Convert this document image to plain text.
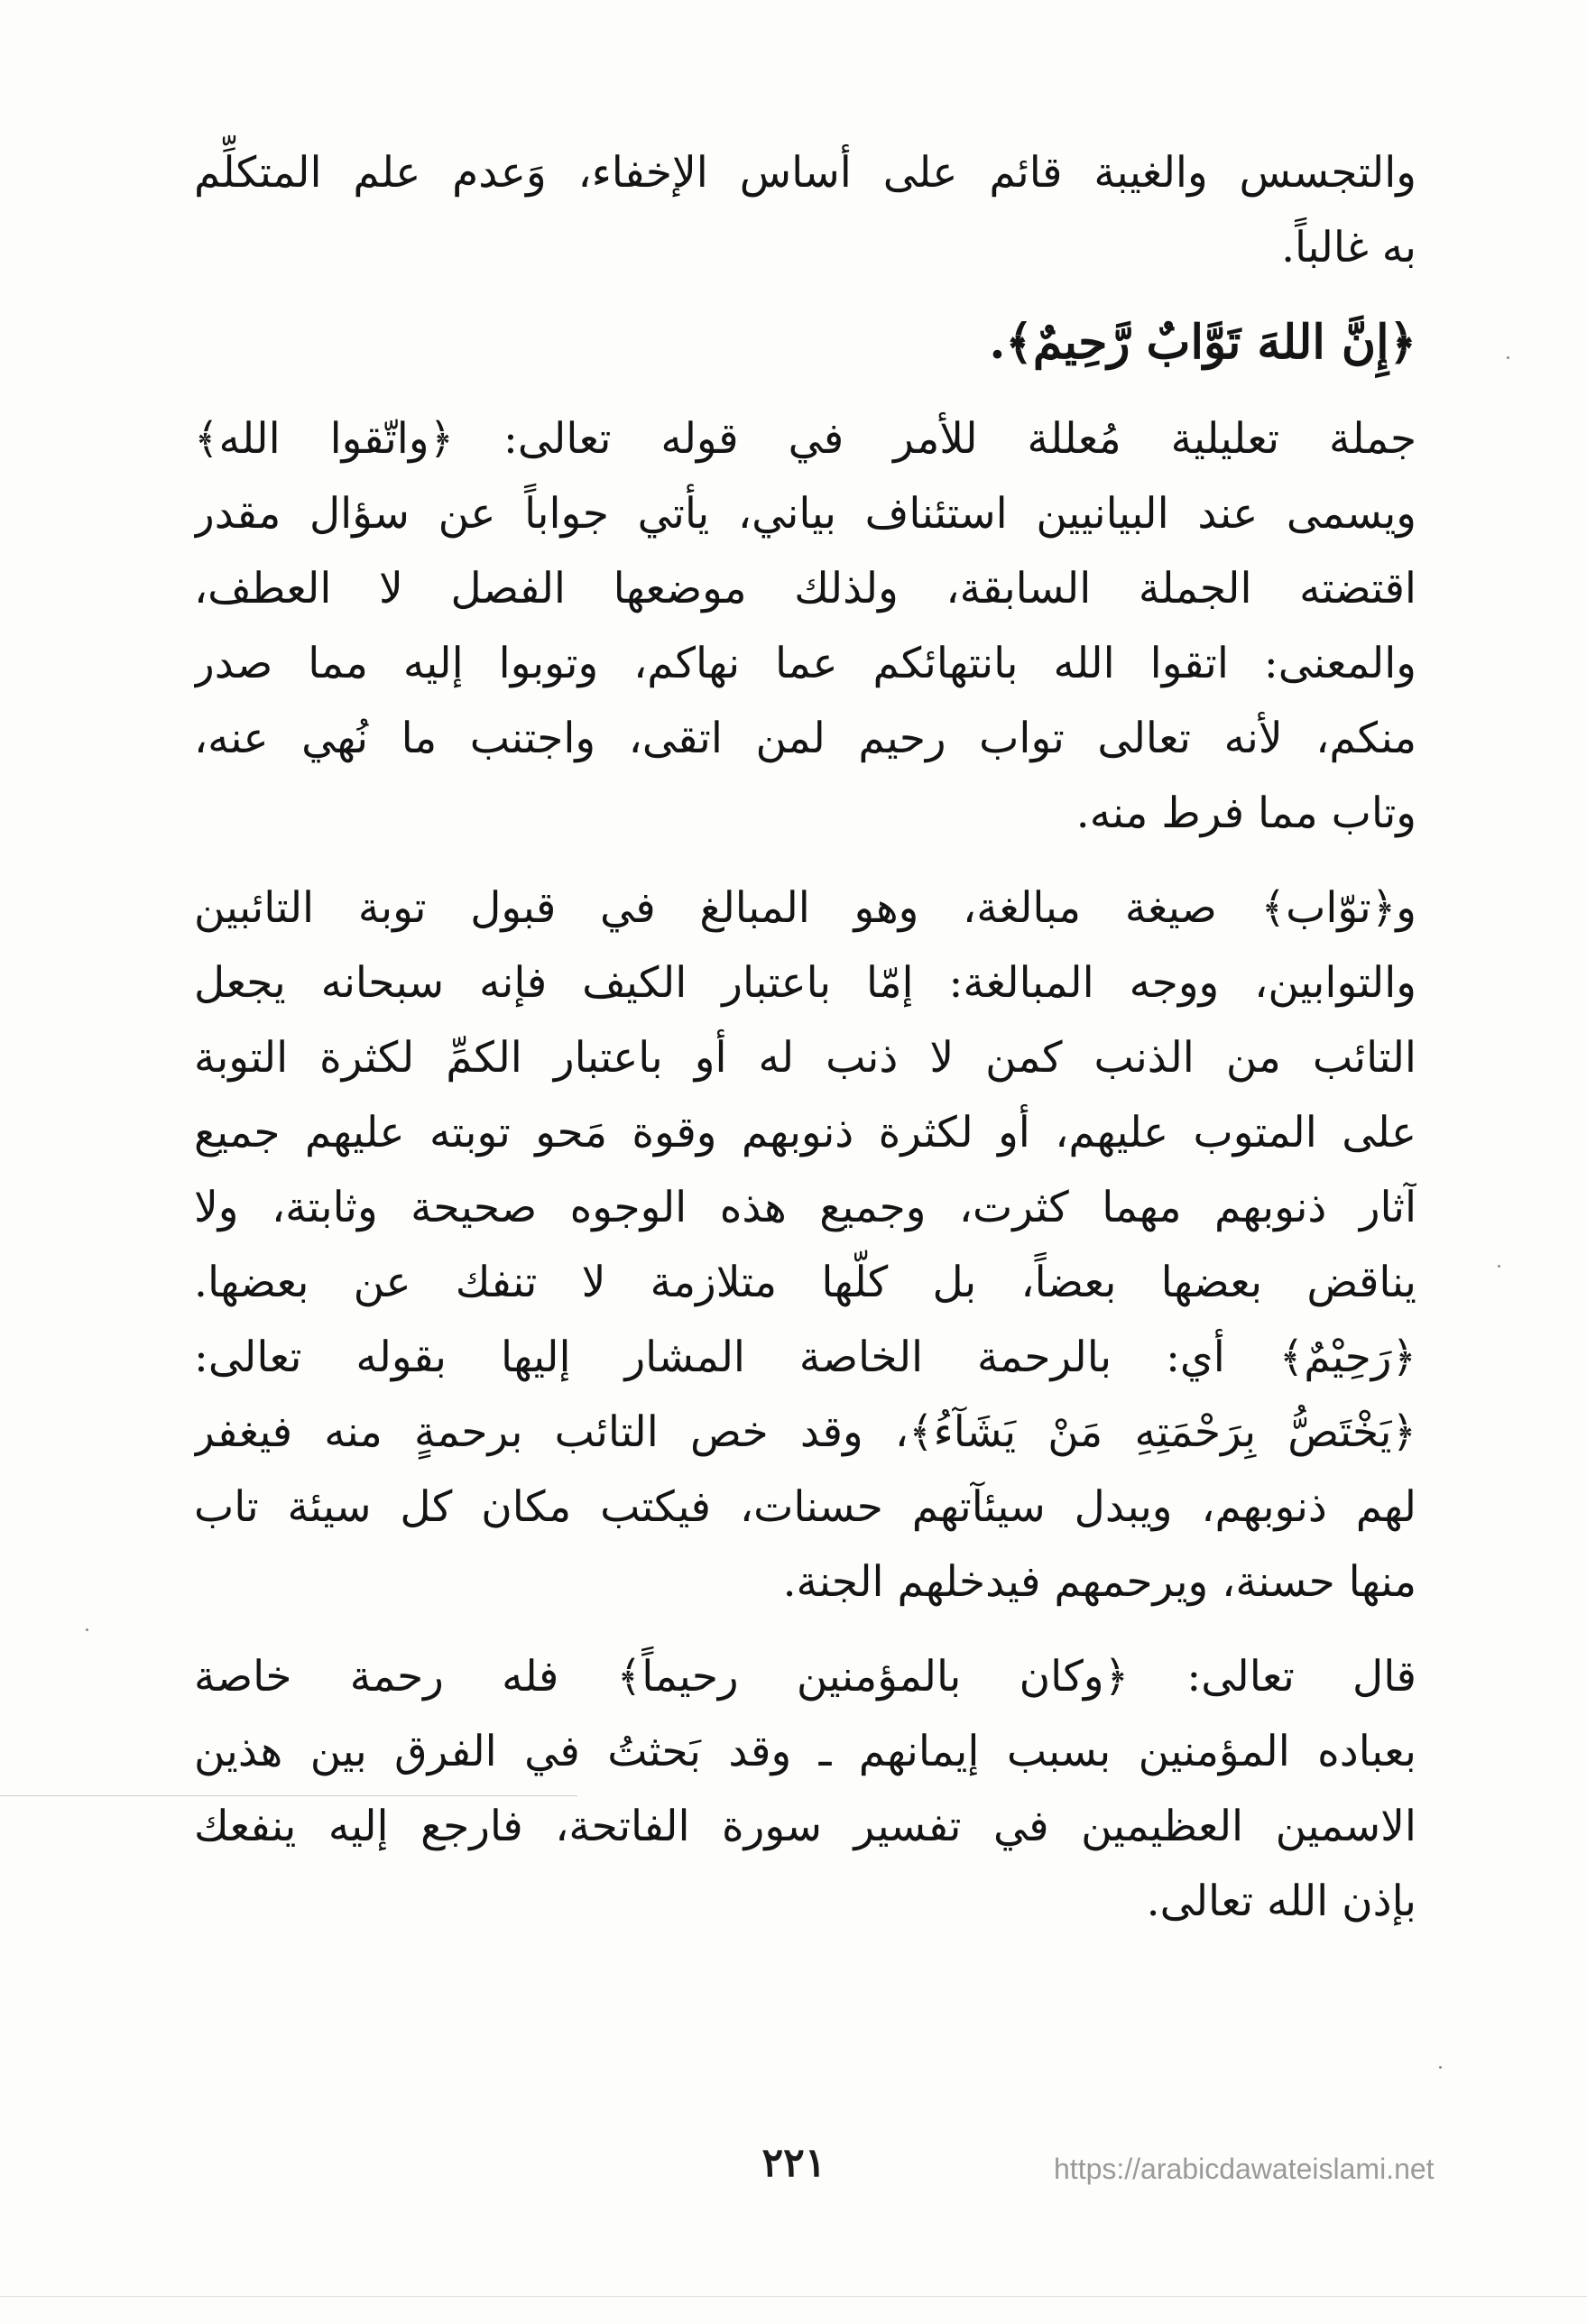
والتجسس والغيبة قائم على أساس الإخفاء، وَعدم علم المتكلِّم
به غالباً.
﴿إِنَّ اللهَ تَوَّابٌ رَّحِيمٌ﴾.
جملة تعليلية مُعللة للأمر في قوله تعالى: ﴿واتّقوا الله﴾
ويسمى عند البيانيين استئناف بياني، يأتي جواباً عن سؤال مقدر
اقتضته الجملة السابقة، ولذلك موضعها الفصل لا العطف،
والمعنى: اتقوا الله بانتهائكم عما نهاكم، وتوبوا إليه مما صدر
منكم، لأنه تعالى تواب رحيم لمن اتقى، واجتنب ما نُهي عنه،
وتاب مما فرط منه.
و﴿توّاب﴾ صيغة مبالغة، وهو المبالغ في قبول توبة التائبين
والتوابين، ووجه المبالغة: إمّا باعتبار الكيف فإنه سبحانه يجعل
التائب من الذنب كمن لا ذنب له أو باعتبار الكمِّ لكثرة التوبة
على المتوب عليهم، أو لكثرة ذنوبهم وقوة مَحو توبته عليهم جميع
آثار ذنوبهم مهما كثرت، وجميع هذه الوجوه صحيحة وثابتة، ولا
يناقض بعضها بعضاً، بل كلّها متلازمة لا تنفك عن بعضها.
﴿رَحِيْمٌ﴾ أي: بالرحمة الخاصة المشار إليها بقوله تعالى:
﴿يَخْتَصُّ بِرَحْمَتِهِ مَنْ يَشَآءُ﴾، وقد خص التائب برحمةٍ منه فيغفر
لهم ذنوبهم، ويبدل سيئآتهم حسنات، فيكتب مكان كل سيئة تاب
منها حسنة، ويرحمهم فيدخلهم الجنة.
قال تعالى: ﴿وكان بالمؤمنين رحيماً﴾ فله رحمة خاصة
بعباده المؤمنين بسبب إيمانهم ـ وقد بَحثتُ في الفرق بين هذين
الاسمين العظيمين في تفسير سورة الفاتحة، فارجع إليه ينفعك
بإذن الله تعالى.
٢٢١	https://arabicdawateislami.net
